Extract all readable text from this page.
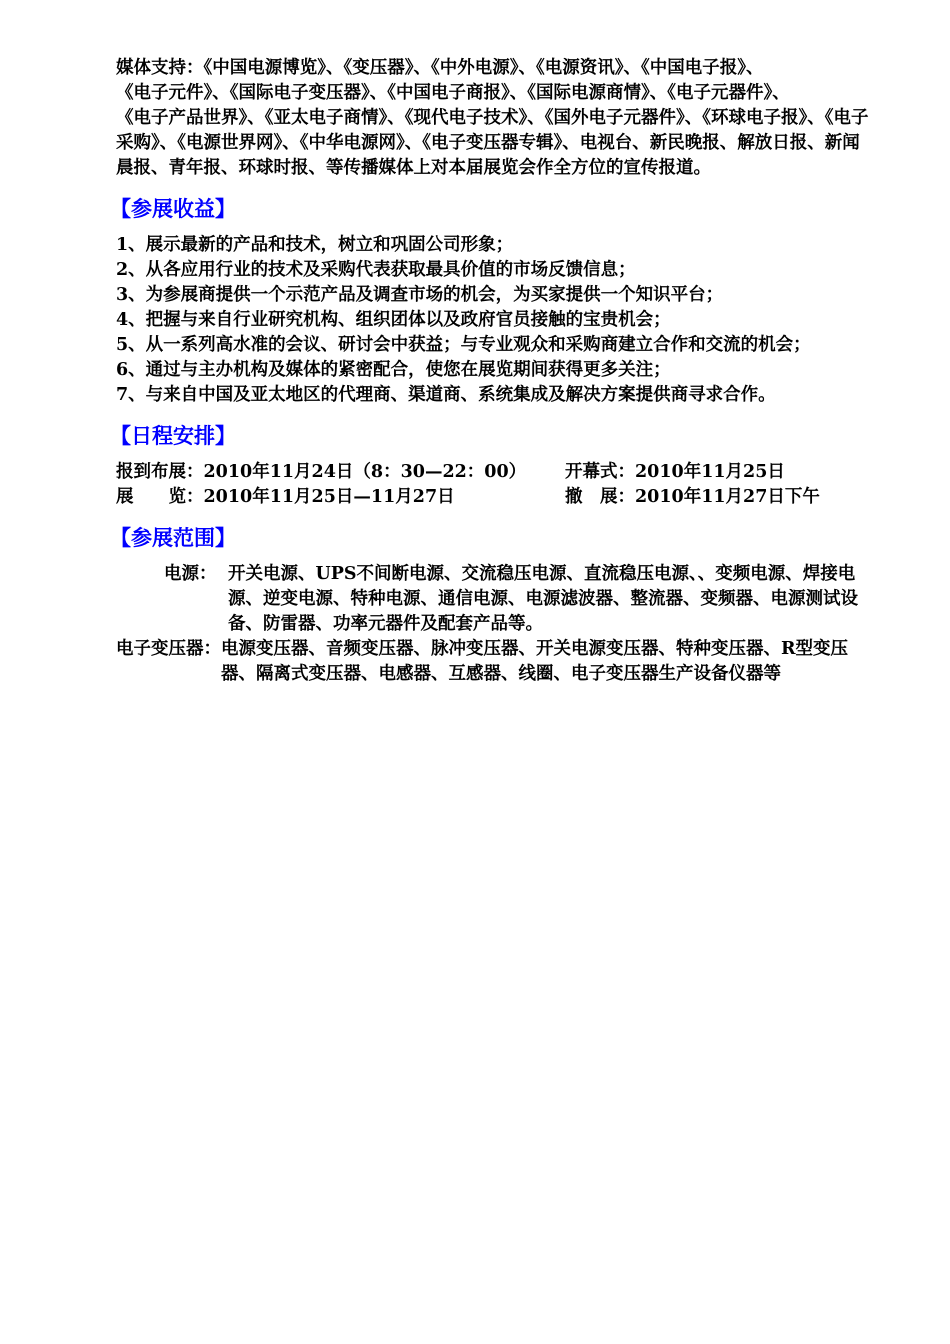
媒体支持：《中国电源博览》、《变压器》、《中外电源》、《电源资讯》、《中国电子报》、

《电子元件》、《国际电子变压器》、《中国电子商报》、《国际电源商情》、《电子元器件》、

《电子产品世界》、《亚太电子商情》、《现代电子技术》、《国外电子元器件》、《环球电子报》、《电子采购》、《电源世界网》、《中华电源网》、《电子变压器专辑》、电视台、新民晚报、解放日报、新闻晨报、青年报、环球时报、等传播媒体上对本届展览会作全方位的宣传报道。

【参展收益】

1、展示最新的产品和技术，树立和巩固公司形象；

2、从各应用行业的技术及采购代表获取最具价值的市场反馈信息；

3、为参展商提供一个示范产品及调查市场的机会，为买家提供一个知识平台；

4、把握与来自行业研究机构、组织团体以及政府官员接触的宝贵机会；

5、从一系列高水准的会议、研讨会中获益；与专业观众和采购商建立合作和交流的机会；

6、通过与主办机构及媒体的紧密配合，使您在展览期间获得更多关注；

7、与来自中国及亚太地区的代理商、渠道商、系统集成及解决方案提供商寻求合作。

【日程安排】
报到布展：2010年11月24日（8：30—22：00）	开幕式：2010年11月25日
展　　览：2010年11月25日—11月27日	撤　展：2010年11月27日下午
【参展范围】
电源： 开关电源、UPS不间断电源、交流稳压电源、直流稳压电源、、变频电源、焊接电源、逆变电源、特种电源、通信电源、电源滤波器、整流器、变频器、电源测试设备、防雷器、功率元器件及配套产品等。
电子变压器： 电源变压器、音频变压器、脉冲变压器、开关电源变压器、特种变压器、R型变压器、隔离式变压器、电感器、互感器、线圈、电子变压器生产设备仪器等
